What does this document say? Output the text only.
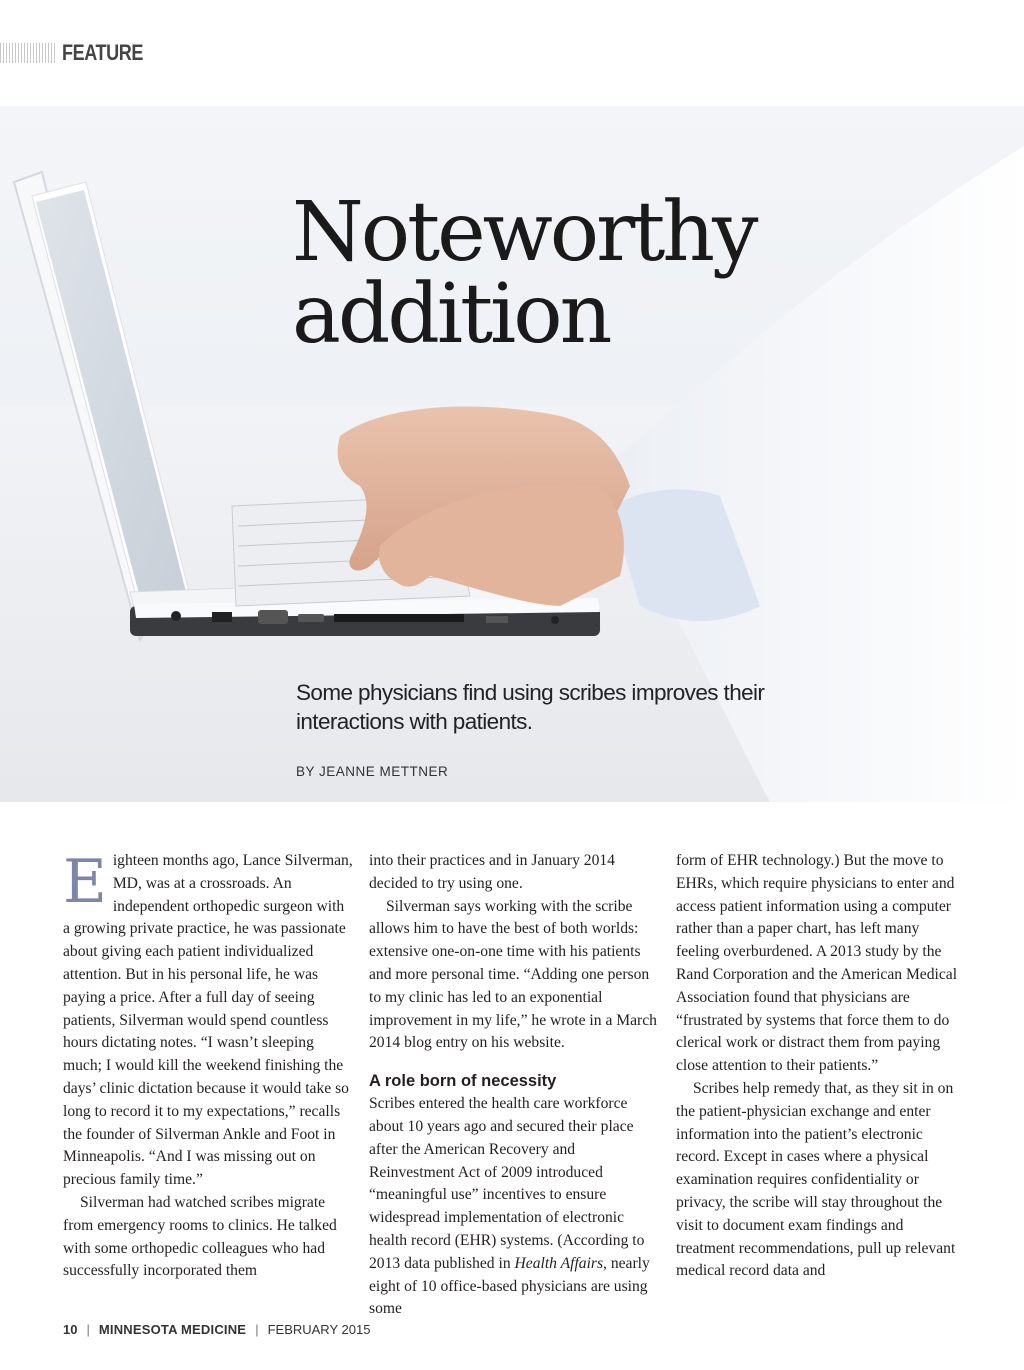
FEATURE
Noteworthy
addition

Some physicians find using scribes improves their interactions with patients.

BY JEANNE METTNER

Eighteen months ago, Lance Silverman, MD, was at a crossroads. An independent orthopedic surgeon with a growing private practice, he was passionate about giving each patient individualized attention. But in his personal life, he was paying a price. After a full day of seeing patients, Silverman would spend countless hours dictating notes. “I wasn’t sleeping much; I would kill the weekend finishing the days’ clinic dictation because it would take so long to record it to my expectations,” recalls the founder of Silverman Ankle and Foot in Minneapolis. “And I was missing out on precious family time.”

Silverman had watched scribes migrate from emergency rooms to clinics. He talked with some orthopedic colleagues who had successfully incorporated them

into their practices and in January 2014 decided to try using one.

Silverman says working with the scribe allows him to have the best of both worlds: extensive one-on-one time with his patients and more personal time. “Adding one person to my clinic has led to an exponential improvement in my life,” he wrote in a March 2014 blog entry on his website.

A role born of necessity

Scribes entered the health care workforce about 10 years ago and secured their place after the American Recovery and Reinvestment Act of 2009 introduced “meaningful use” incentives to ensure widespread implementation of electronic health record (EHR) systems. (According to 2013 data published in Health Affairs, nearly eight of 10 office-based physicians are using some

form of EHR technology.) But the move to EHRs, which require physicians to enter and access patient information using a computer rather than a paper chart, has left many feeling overburdened. A 2013 study by the Rand Corporation and the American Medical Association found that physicians are “frustrated by systems that force them to do clerical work or distract them from paying close attention to their patients.”

Scribes help remedy that, as they sit in on the patient-physician exchange and enter information into the patient’s electronic record. Except in cases where a physical examination requires confidentiality or privacy, the scribe will stay throughout the visit to document exam findings and treatment recommendations, pull up relevant medical record data and

10 | MINNESOTA MEDICINE | FEBRUARY 2015
